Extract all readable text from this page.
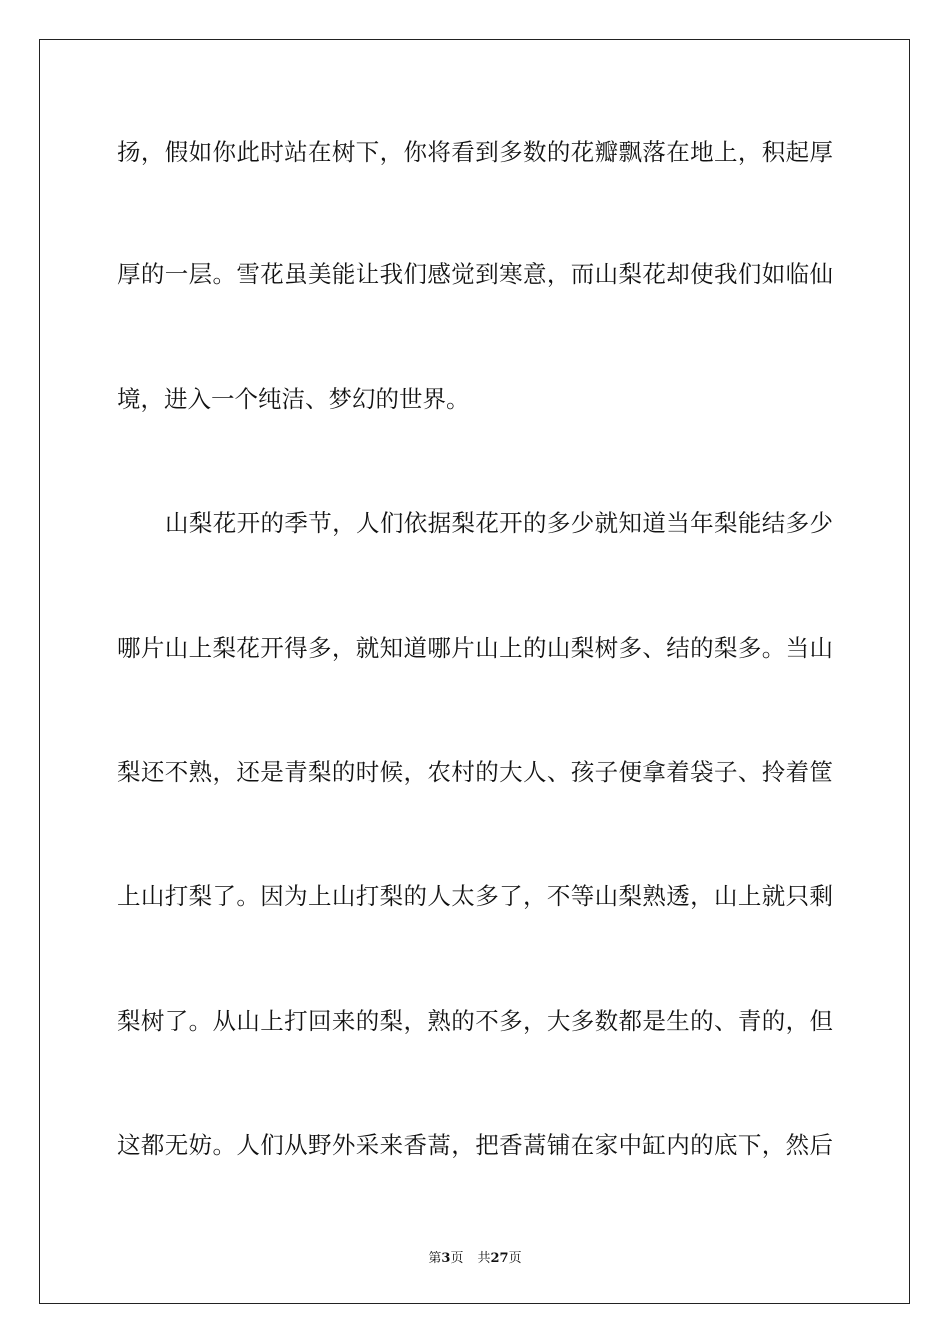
扬，假如你此时站在树下，你将看到多数的花瓣飘落在地上，积起厚
厚的一层。雪花虽美能让我们感觉到寒意，而山梨花却使我们如临仙
境，进入一个纯洁、梦幻的世界。
山梨花开的季节，人们依据梨花开的多少就知道当年梨能结多少
哪片山上梨花开得多，就知道哪片山上的山梨树多、结的梨多。当山
梨还不熟，还是青梨的时候，农村的大人、孩子便拿着袋子、拎着筐
上山打梨了。因为上山打梨的人太多了，不等山梨熟透，山上就只剩
梨树了。从山上打回来的梨，熟的不多，大多数都是生的、青的，但
这都无妨。人们从野外采来香蒿，把香蒿铺在家中缸内的底下，然后
第3页 共27页
